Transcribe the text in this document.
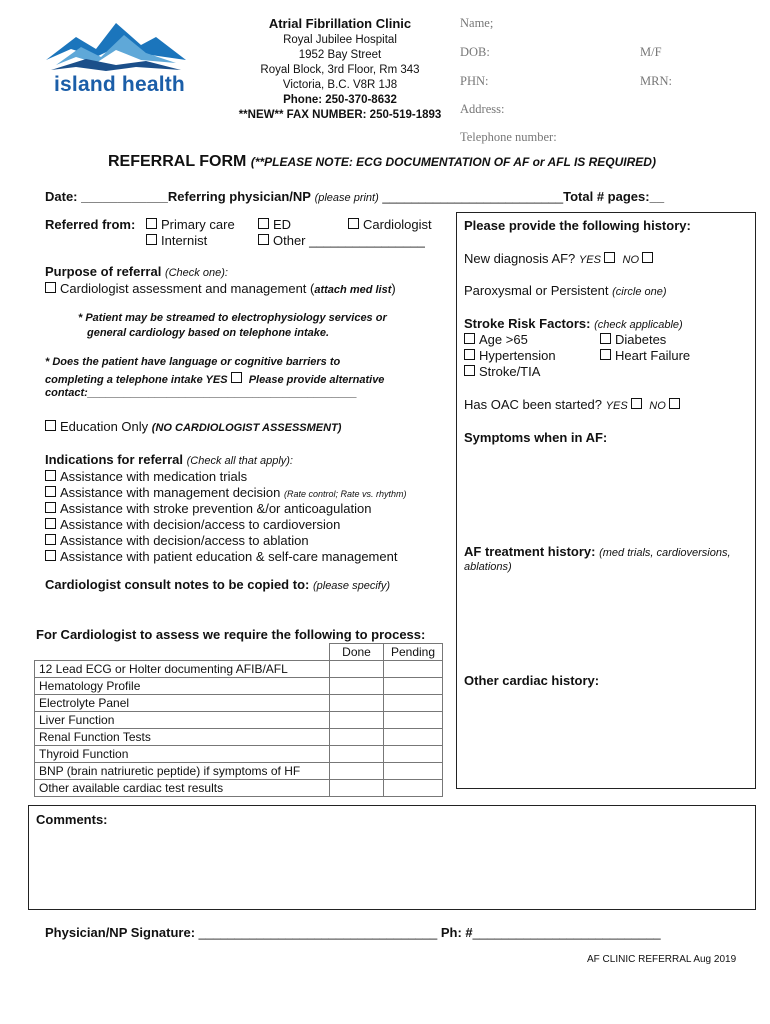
island health
Atrial Fibrillation Clinic
Royal Jubilee Hospital
1952 Bay Street
Royal Block, 3rd Floor, Rm 343
Victoria, B.C. V8R 1J8
Phone: 250-370-8632
**NEW** FAX NUMBER: 250-519-1893
Name;
DOB:	M/F
PHN:	MRN:
Address:
Telephone number:
REFERRAL FORM (**PLEASE NOTE: ECG DOCUMENTATION OF AF or AFL IS REQUIRED)
Date: ____________Referring physician/NP (please print) _________________________Total # pages:__
Referred from:	Primary care	ED	Cardiologist
Internist	Other ________________
Purpose of referral (Check one):
Cardiologist assessment and management (attach med list)
* Patient may be streamed to electrophysiology services or
general cardiology based on telephone intake.
* Does the patient have language or cognitive barriers to
completing a telephone intake YES  Please provide alternative
contact:____________________________________________
Education Only (NO CARDIOLOGIST ASSESSMENT)
Indications for referral (Check all that apply):
Assistance with medication trials
Assistance with management decision (Rate control; Rate vs. rhythm)
Assistance with stroke prevention &/or anticoagulation
Assistance with decision/access to cardioversion
Assistance with decision/access to ablation
Assistance with patient education & self-care management
Cardiologist consult notes to be copied to: (please specify)
For Cardiologist to assess we require the following to process:
	Done	Pending
12 Lead ECG or Holter documenting AFIB/AFL		
Hematology Profile		
Electrolyte Panel		
Liver Function		
Renal Function Tests		
Thyroid Function		
BNP (brain natriuretic peptide) if symptoms of HF		
Other available cardiac test results		
Please provide the following history:
New diagnosis AF? YES NO
Paroxysmal or Persistent (circle one)
Stroke Risk Factors: (check applicable)
Age >65	Diabetes
Hypertension	Heart Failure
Stroke/TIA
Has OAC been started? YES NO
Symptoms when in AF:
AF treatment history: (med trials, cardioversions,
ablations)
Other cardiac history:
Comments:
Physician/NP Signature: _________________________________ Ph: #__________________________
AF CLINIC REFERRAL Aug 2019
